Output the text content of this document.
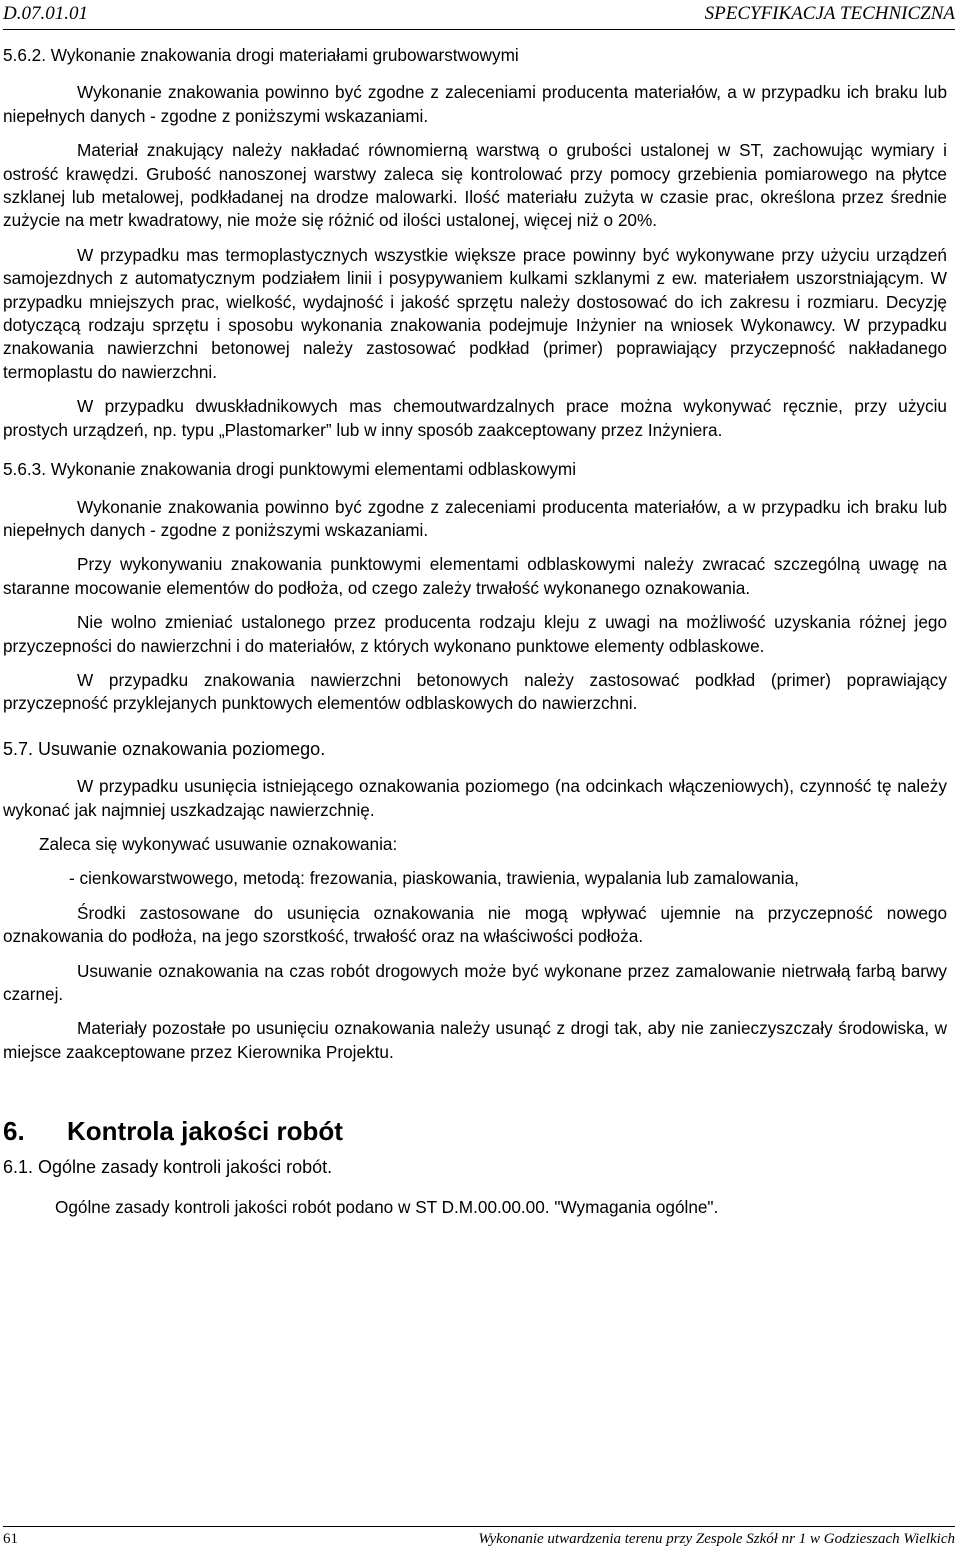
D.07.01.01	SPECYFIKACJA TECHNICZNA

5.6.2. Wykonanie znakowania drogi materiałami grubowarstwowymi

Wykonanie znakowania powinno być zgodne z zaleceniami producenta materiałów, a w przypadku ich braku lub niepełnych danych - zgodne z poniższymi wskazaniami.

Materiał znakujący należy nakładać równomierną warstwą o grubości ustalonej w ST, zachowując wymiary i ostrość krawędzi. Grubość nanoszonej warstwy zaleca się kontrolować przy pomocy grzebienia pomiarowego na płytce szklanej lub metalowej, podkładanej na drodze malowarki. Ilość materiału zużyta w czasie prac, określona przez średnie zużycie na metr kwadratowy, nie może się różnić od ilości ustalonej, więcej niż o 20%.

W przypadku mas termoplastycznych wszystkie większe prace powinny być wykonywane przy użyciu urządzeń samojezdnych z automatycznym podziałem linii i posypywaniem kulkami szklanymi z ew. materiałem uszorstniającym. W przypadku mniejszych prac, wielkość, wydajność i jakość sprzętu należy dostosować do ich zakresu i rozmiaru. Decyzję dotyczącą rodzaju sprzętu i sposobu wykonania znakowania podejmuje Inżynier na wniosek Wykonawcy. W przypadku znakowania nawierzchni betonowej należy zastosować podkład (primer) poprawiający przyczepność nakładanego termoplastu do nawierzchni.

W przypadku dwuskładnikowych mas chemoutwardzalnych prace można wykonywać ręcznie, przy użyciu prostych urządzeń, np. typu „Plastomarker” lub w inny sposób zaakceptowany przez Inżyniera.

5.6.3. Wykonanie znakowania drogi punktowymi elementami odblaskowymi

Wykonanie znakowania powinno być zgodne z zaleceniami producenta materiałów, a w przypadku ich braku lub niepełnych danych - zgodne z poniższymi wskazaniami.

Przy wykonywaniu znakowania punktowymi elementami odblaskowymi należy zwracać szczególną uwagę na staranne mocowanie elementów do podłoża, od czego zależy trwałość wykonanego oznakowania.

Nie wolno zmieniać ustalonego przez producenta rodzaju kleju z uwagi na możliwość uzyskania różnej jego przyczepności do nawierzchni i do materiałów, z których wykonano punktowe elementy odblaskowe.

W przypadku znakowania nawierzchni betonowych należy zastosować podkład (primer) poprawiający przyczepność przyklejanych punktowych elementów odblaskowych do nawierzchni.

5.7. Usuwanie oznakowania poziomego.

W przypadku usunięcia istniejącego oznakowania poziomego (na odcinkach włączeniowych), czynność tę należy wykonać jak najmniej uszkadzając nawierzchnię.

Zaleca się wykonywać usuwanie oznakowania:

- cienkowarstwowego, metodą: frezowania, piaskowania, trawienia, wypalania lub zamalowania,

Środki zastosowane do usunięcia oznakowania nie mogą wpływać ujemnie na przyczepność nowego oznakowania do podłoża, na jego szorstkość, trwałość oraz na właściwości podłoża.

Usuwanie oznakowania na czas robót drogowych może być wykonane przez zamalowanie nietrwałą farbą barwy czarnej.

Materiały pozostałe po usunięciu oznakowania należy usunąć z drogi tak, aby nie zanieczyszczały środowiska, w miejsce zaakceptowane przez Kierownika Projektu.

6. Kontrola jakości robót

6.1. Ogólne zasady kontroli jakości robót.

Ogólne zasady kontroli jakości robót podano w ST D.M.00.00.00. "Wymagania ogólne".

61	Wykonanie utwardzenia terenu przy Zespole Szkół nr 1 w Godzieszach Wielkich
